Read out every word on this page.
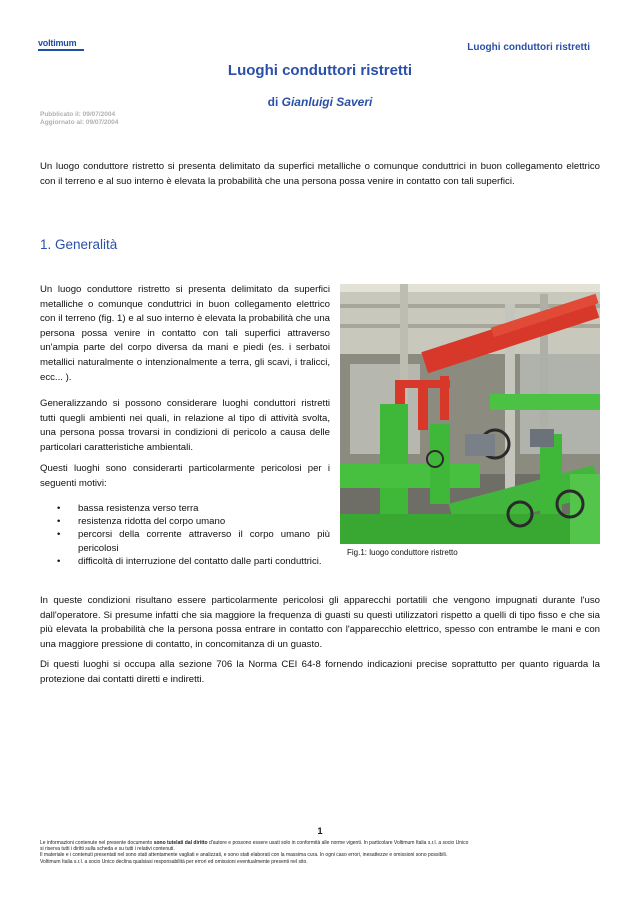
voltimum	Luoghi conduttori ristretti
Luoghi conduttori ristretti
di Gianluigi Saveri
Pubblicato il: 09/07/2004
Aggiornato al: 09/07/2004

Un luogo conduttore ristretto si presenta delimitato da superfici metalliche o comunque conduttrici in buon collegamento elettrico con il terreno e al suo interno è elevata la probabilità che una persona possa venire in contatto con tali superfici.

1. Generalità

Un luogo conduttore ristretto si presenta delimitato da superfici metalliche o comunque conduttrici in buon collegamento elettrico con il terreno (fig. 1) e al suo interno è elevata la probabilità che una persona possa venire in contatto con tali superfici attraverso un'ampia parte del corpo diversa da mani e piedi (es. i serbatoi metallici naturalmente o intenzionalmente a terra, gli scavi, i tralicci, ecc... ).

Generalizzando si possono considerare luoghi conduttori ristretti tutti quegli ambienti nei quali, in relazione al tipo di attività svolta, una persona possa trovarsi in condizioni di pericolo a causa delle particolari caratteristiche ambientali.

Questi luoghi sono considerarti particolarmente pericolosi per i seguenti motivi:

• bassa resistenza verso terra
• resistenza ridotta del corpo umano
• percorsi della corrente attraverso il corpo umano più pericolosi
• difficoltà di interruzione del contatto dalle parti conduttrici.
Fig.1: luogo conduttore ristretto

In queste condizioni risultano essere particolarmente pericolosi gli apparecchi portatili che vengono impugnati durante l'uso dall'operatore. Si presume infatti che sia maggiore la frequenza di guasti su questi utilizzatori rispetto a quelli di tipo fisso e che sia più elevata la probabilità che la persona possa entrare in contatto con l'apparecchio elettrico, spesso con entrambe le mani e con una maggiore pressione di contatto, in concomitanza di un guasto.

Di questi luoghi si occupa alla sezione 706 la Norma CEI 64-8 fornendo indicazioni precise soprattutto per quanto riguarda la protezione dai contatti diretti e indiretti.

1
Le informazioni contenute nel presente documento sono tutelati dal diritto d'autore e possono essere usati solo in conformità alle norme vigenti. In particolare Voltimum Italia s.r.l. a socio Unico
si riserva tutti i diritti sulla scheda e su tutti i relativi contenuti.
Il materiale e i contenuti presentati nel sono stati attentamente vagliati e analizzati, e sono stati elaborati con la massima cura. In ogni caso errori, inesattezze e omissioni sono possibili.
Voltimum Italia s.r.l. a socio Unico declina qualsiasi responsabilità per errori ed omissioni eventualmente presenti nel sito.
